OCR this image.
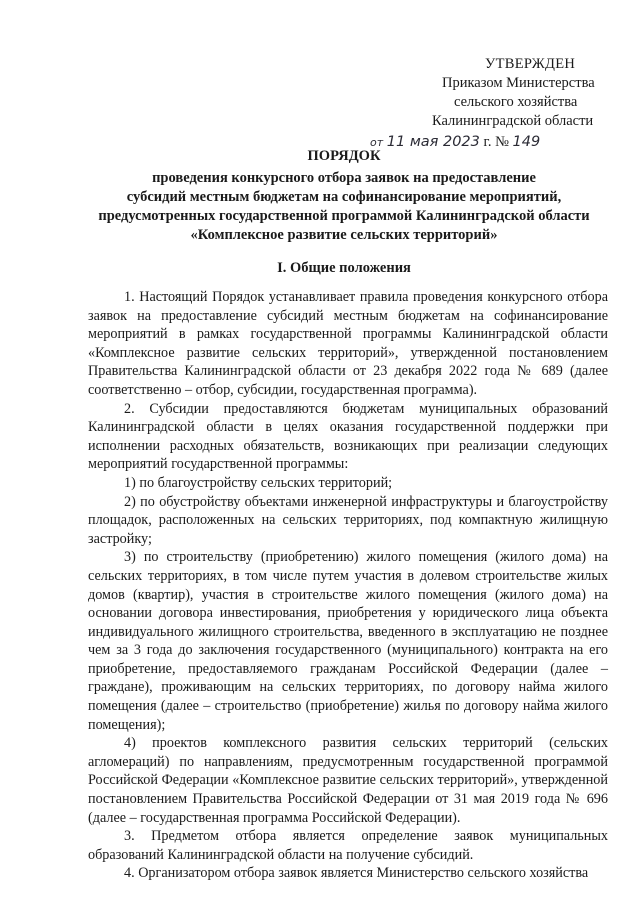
УТВЕРЖДЕН
Приказом Министерства
сельского хозяйства
Калининградской области
от 11 мая 2023 г. № 149
ПОРЯДОК
проведения конкурсного отбора заявок на предоставление
субсидий местным бюджетам на софинансирование мероприятий,
предусмотренных государственной программой Калининградской области
«Комплексное развитие сельских территорий»
I. Общие положения

1. Настоящий Порядок устанавливает правила проведения конкурсного отбора заявок на предоставление субсидий местным бюджетам на софинансирование мероприятий в рамках государственной программы Калининградской области «Комплексное развитие сельских территорий», утвержденной постановлением Правительства Калининградской области от 23 декабря 2022 года № 689 (далее соответственно – отбор, субсидии, государственная программа).

2. Субсидии предоставляются бюджетам муниципальных образований Калининградской области в целях оказания государственной поддержки при исполнении расходных обязательств, возникающих при реализации следующих мероприятий государственной программы:

1) по благоустройству сельских территорий;

2) по обустройству объектами инженерной инфраструктуры и благоустройству площадок, расположенных на сельских территориях, под компактную жилищную застройку;

3) по строительству (приобретению) жилого помещения (жилого дома) на сельских территориях, в том числе путем участия в долевом строительстве жилых домов (квартир), участия в строительстве жилого помещения (жилого дома) на основании договора инвестирования, приобретения у юридического лица объекта индивидуального жилищного строительства, введенного в эксплуатацию не позднее чем за 3 года до заключения государственного (муниципального) контракта на его приобретение, предоставляемого гражданам Российской Федерации (далее – граждане), проживающим на сельских территориях, по договору найма жилого помещения (далее – строительство (приобретение) жилья по договору найма жилого помещения);

4) проектов комплексного развития сельских территорий (сельских агломераций) по направлениям, предусмотренным государственной программой Российской Федерации «Комплексное развитие сельских территорий», утвержденной постановлением Правительства Российской Федерации от 31 мая 2019 года № 696 (далее – государственная программа Российской Федерации).

3. Предметом отбора является определение заявок муниципальных образований Калининградской области на получение субсидий.

4. Организатором отбора заявок является Министерство сельского хозяйства
